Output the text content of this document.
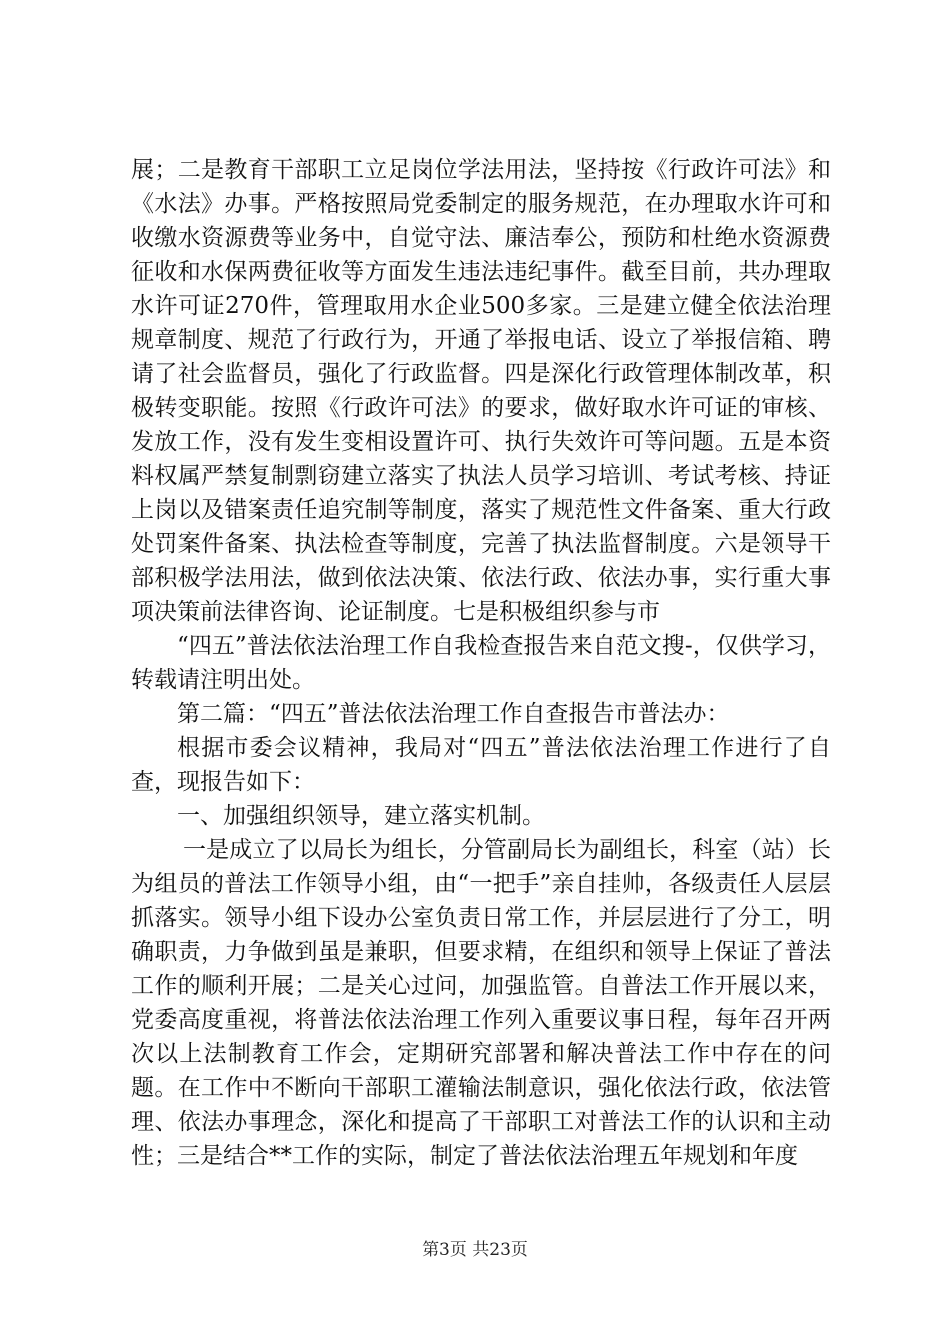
展；二是教育干部职工立足岗位学法用法，坚持按《行政许可法》和《水法》办事。严格按照局党委制定的服务规范，在办理取水许可和收缴水资源费等业务中，自觉守法、廉洁奉公，预防和杜绝水资源费征收和水保两费征收等方面发生违法违纪事件。截至目前，共办理取水许可证270件，管理取用水企业500多家。三是建立健全依法治理规章制度、规范了行政行为，开通了举报电话、设立了举报信箱、聘请了社会监督员，强化了行政监督。四是深化行政管理体制改革，积极转变职能。按照《行政许可法》的要求，做好取水许可证的审核、发放工作，没有发生变相设置许可、执行失效许可等问题。五是本资料权属严禁复制剽窃建立落实了执法人员学习培训、考试考核、持证上岗以及错案责任追究制等制度，落实了规范性文件备案、重大行政处罚案件备案、执法检查等制度，完善了执法监督制度。六是领导干部积极学法用法，做到依法决策、依法行政、依法办事，实行重大事项决策前法律咨询、论证制度。七是积极组织参与市

“四五”普法依法治理工作自我检查报告来自范文搜-，仅供学习，转载请注明出处。

第二篇：“四五”普法依法治理工作自查报告市普法办：

根据市委会议精神，我局对“四五”普法依法治理工作进行了自查，现报告如下：

一、加强组织领导，建立落实机制。

一是成立了以局长为组长，分管副局长为副组长，科室（站）长为组员的普法工作领导小组，由“一把手”亲自挂帅，各级责任人层层抓落实。领导小组下设办公室负责日常工作，并层层进行了分工，明确职责，力争做到虽是兼职，但要求精，在组织和领导上保证了普法工作的顺利开展；二是关心过问，加强监管。自普法工作开展以来，党委高度重视，将普法依法治理工作列入重要议事日程，每年召开两次以上法制教育工作会，定期研究部署和解决普法工作中存在的问题。在工作中不断向干部职工灌输法制意识，强化依法行政，依法管理、依法办事理念，深化和提高了干部职工对普法工作的认识和主动性；三是结合**工作的实际，制定了普法依法治理五年规划和年度

第3页 共23页
